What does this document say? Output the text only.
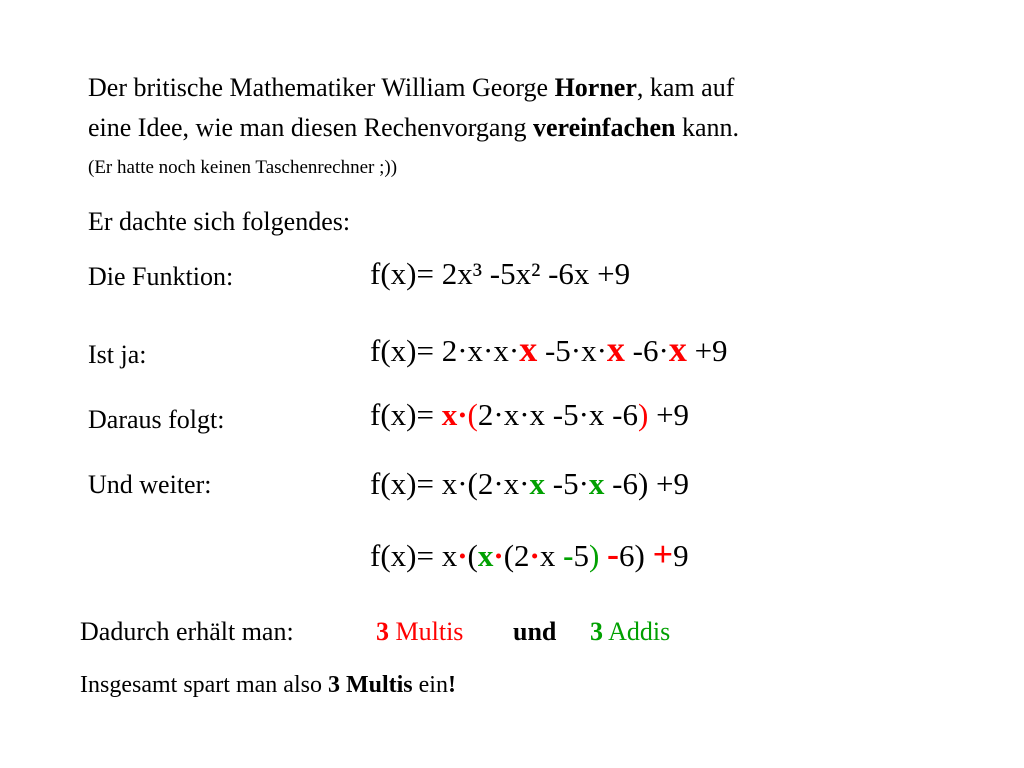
Der britische Mathematiker William George Horner, kam auf
eine Idee, wie man diesen Rechenvorgang vereinfachen kann.
(Er hatte noch keinen Taschenrechner ;))
Er dachte sich folgendes:
Die Funktion:	f(x)= 2x³ -5x² -6x +9
Ist ja:	f(x)= 2·x·x·x -5·x·x -6·x +9
Daraus folgt:	f(x)= x·(2·x·x -5·x -6) +9
Und weiter:	f(x)= x·(2·x·x -5·x -6) +9
f(x)= x·(x·(2·x -5) -6) +9
Dadurch erhält man:	3 Multis und 3 Addis
Insgesamt spart man also 3 Multis ein!
